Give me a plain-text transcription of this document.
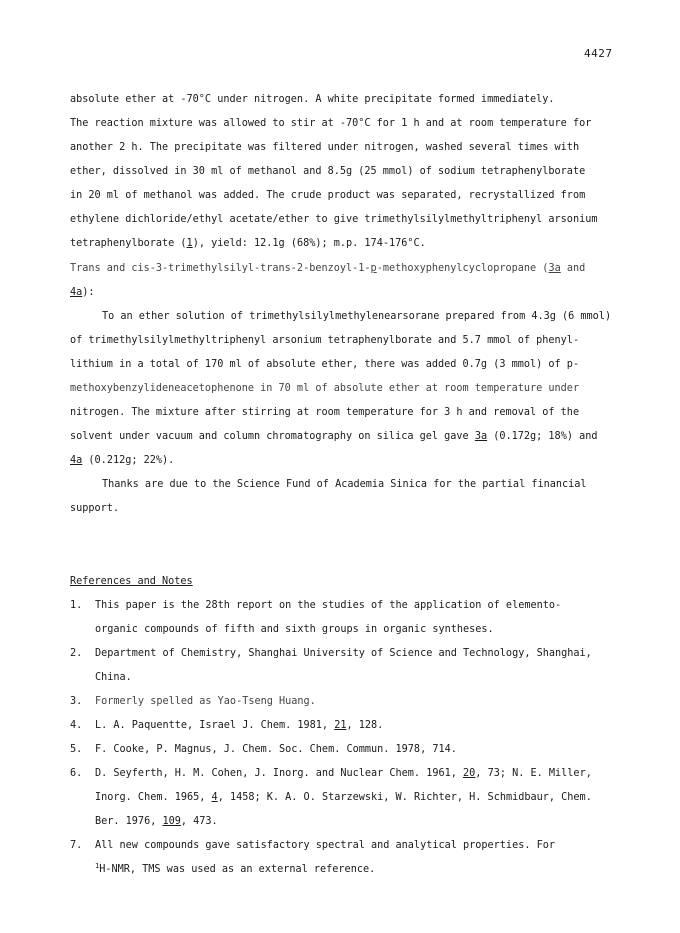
4427
absolute ether at -70°C under nitrogen. A white precipitate formed immediately.
The reaction mixture was allowed to stir at -70°C for 1 h and at room temperature for
another 2 h. The precipitate was filtered under nitrogen, washed several times with
ether, dissolved in 30 ml of methanol and 8.5g (25 mmol) of sodium tetraphenylborate
in 20 ml of methanol was added. The crude product was separated, recrystallized from
ethylene dichloride/ethyl acetate/ether to give trimethylsilylmethyltriphenyl arsonium
tetraphenylborate (1), yield: 12.1g (68%); m.p. 174-176°C.
Trans and cis-3-trimethylsilyl-trans-2-benzoyl-1-p-methoxyphenylcyclopropane (3a and
4a):
To an ether solution of trimethylsilylmethylenearsorane prepared from 4.3g (6 mmol)
of trimethylsilylmethyltriphenyl arsonium tetraphenylborate and 5.7 mmol of phenyl-
lithium in a total of 170 ml of absolute ether, there was added 0.7g (3 mmol) of p-
methoxybenzylideneacetophenone in 70 ml of absolute ether at room temperature under
nitrogen. The mixture after stirring at room temperature for 3 h and removal of the
solvent under vacuum and column chromatography on silica gel gave 3a (0.172g; 18%) and
4a (0.212g; 22%).
Thanks are due to the Science Fund of Academia Sinica for the partial financial
support.
References and Notes
1. This paper is the 28th report on the studies of the application of elemento-
organic compounds of fifth and sixth groups in organic syntheses.
2. Department of Chemistry, Shanghai University of Science and Technology, Shanghai,
China.
3. Formerly spelled as Yao-Tseng Huang.
4. L. A. Paquentte, Israel J. Chem. 1981, 21, 128.
5. F. Cooke, P. Magnus, J. Chem. Soc. Chem. Commun. 1978, 714.
6. D. Seyferth, H. M. Cohen, J. Inorg. and Nuclear Chem. 1961, 20, 73; N. E. Miller,
Inorg. Chem. 1965, 4, 1458; K. A. O. Starzewski, W. Richter, H. Schmidbaur, Chem.
Ber. 1976, 109, 473.
7. All new compounds gave satisfactory spectral and analytical properties. For
$^1$H-NMR, TMS was used as an external reference.
